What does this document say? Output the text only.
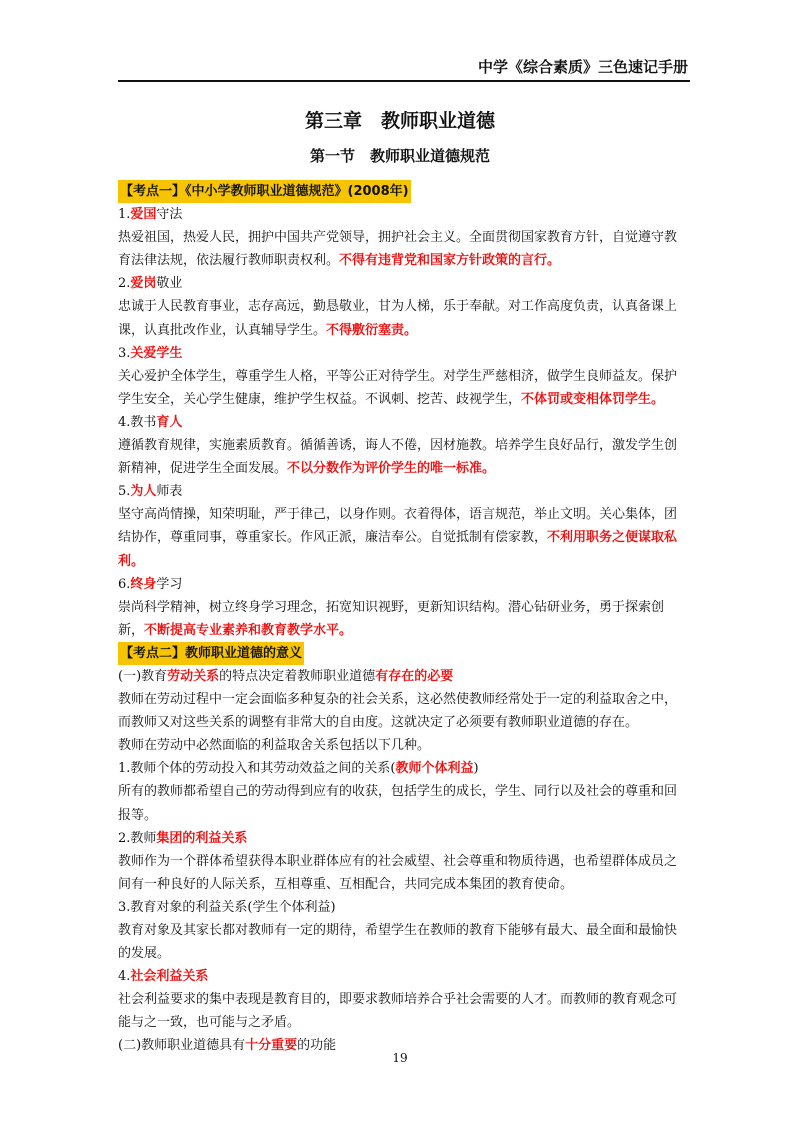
中学《综合素质》三色速记手册
第三章　教师职业道德
第一节　教师职业道德规范

【考点一】《中小学教师职业道德规范》(2008年)

1.爱国守法

热爱祖国，热爱人民，拥护中国共产党领导，拥护社会主义。全面贯彻国家教育方针，自觉遵守教育法律法规，依法履行教师职责权利。不得有违背党和国家方针政策的言行。

2.爱岗敬业

忠诚于人民教育事业，志存高远，勤恳敬业，甘为人梯，乐于奉献。对工作高度负责，认真备课上课，认真批改作业，认真辅导学生。不得敷衍塞责。

3.关爱学生

关心爱护全体学生，尊重学生人格，平等公正对待学生。对学生严慈相济，做学生良师益友。保护学生安全，关心学生健康，维护学生权益。不讽刺、挖苦、歧视学生，不体罚或变相体罚学生。

4.教书育人

遵循教育规律，实施素质教育。循循善诱，诲人不倦，因材施教。培养学生良好品行，激发学生创新精神，促进学生全面发展。不以分数作为评价学生的唯一标准。

5.为人师表

坚守高尚情操，知荣明耻，严于律己，以身作则。衣着得体，语言规范，举止文明。关心集体，团结协作，尊重同事，尊重家长。作风正派，廉洁奉公。自觉抵制有偿家教，不利用职务之便谋取私利。

6.终身学习

崇尚科学精神，树立终身学习理念，拓宽知识视野，更新知识结构。潜心钻研业务，勇于探索创新，不断提高专业素养和教育教学水平。

【考点二】教师职业道德的意义

(一)教育劳动关系的特点决定着教师职业道德有存在的必要

教师在劳动过程中一定会面临多种复杂的社会关系，这必然使教师经常处于一定的利益取舍之中，而教师又对这些关系的调整有非常大的自由度。这就决定了必须要有教师职业道德的存在。

教师在劳动中必然面临的利益取舍关系包括以下几种。

1.教师个体的劳动投入和其劳动效益之间的关系(教师个体利益)

所有的教师都希望自己的劳动得到应有的收获，包括学生的成长，学生、同行以及社会的尊重和回报等。

2.教师集团的利益关系

教师作为一个群体希望获得本职业群体应有的社会威望、社会尊重和物质待遇，也希望群体成员之间有一种良好的人际关系，互相尊重、互相配合，共同完成本集团的教育使命。

3.教育对象的利益关系(学生个体利益)

教育对象及其家长都对教师有一定的期待，希望学生在教师的教育下能够有最大、最全面和最愉快的发展。

4.社会利益关系

社会利益要求的集中表现是教育目的，即要求教师培养合乎社会需要的人才。而教师的教育观念可能与之一致，也可能与之矛盾。

(二)教师职业道德具有十分重要的功能

19
